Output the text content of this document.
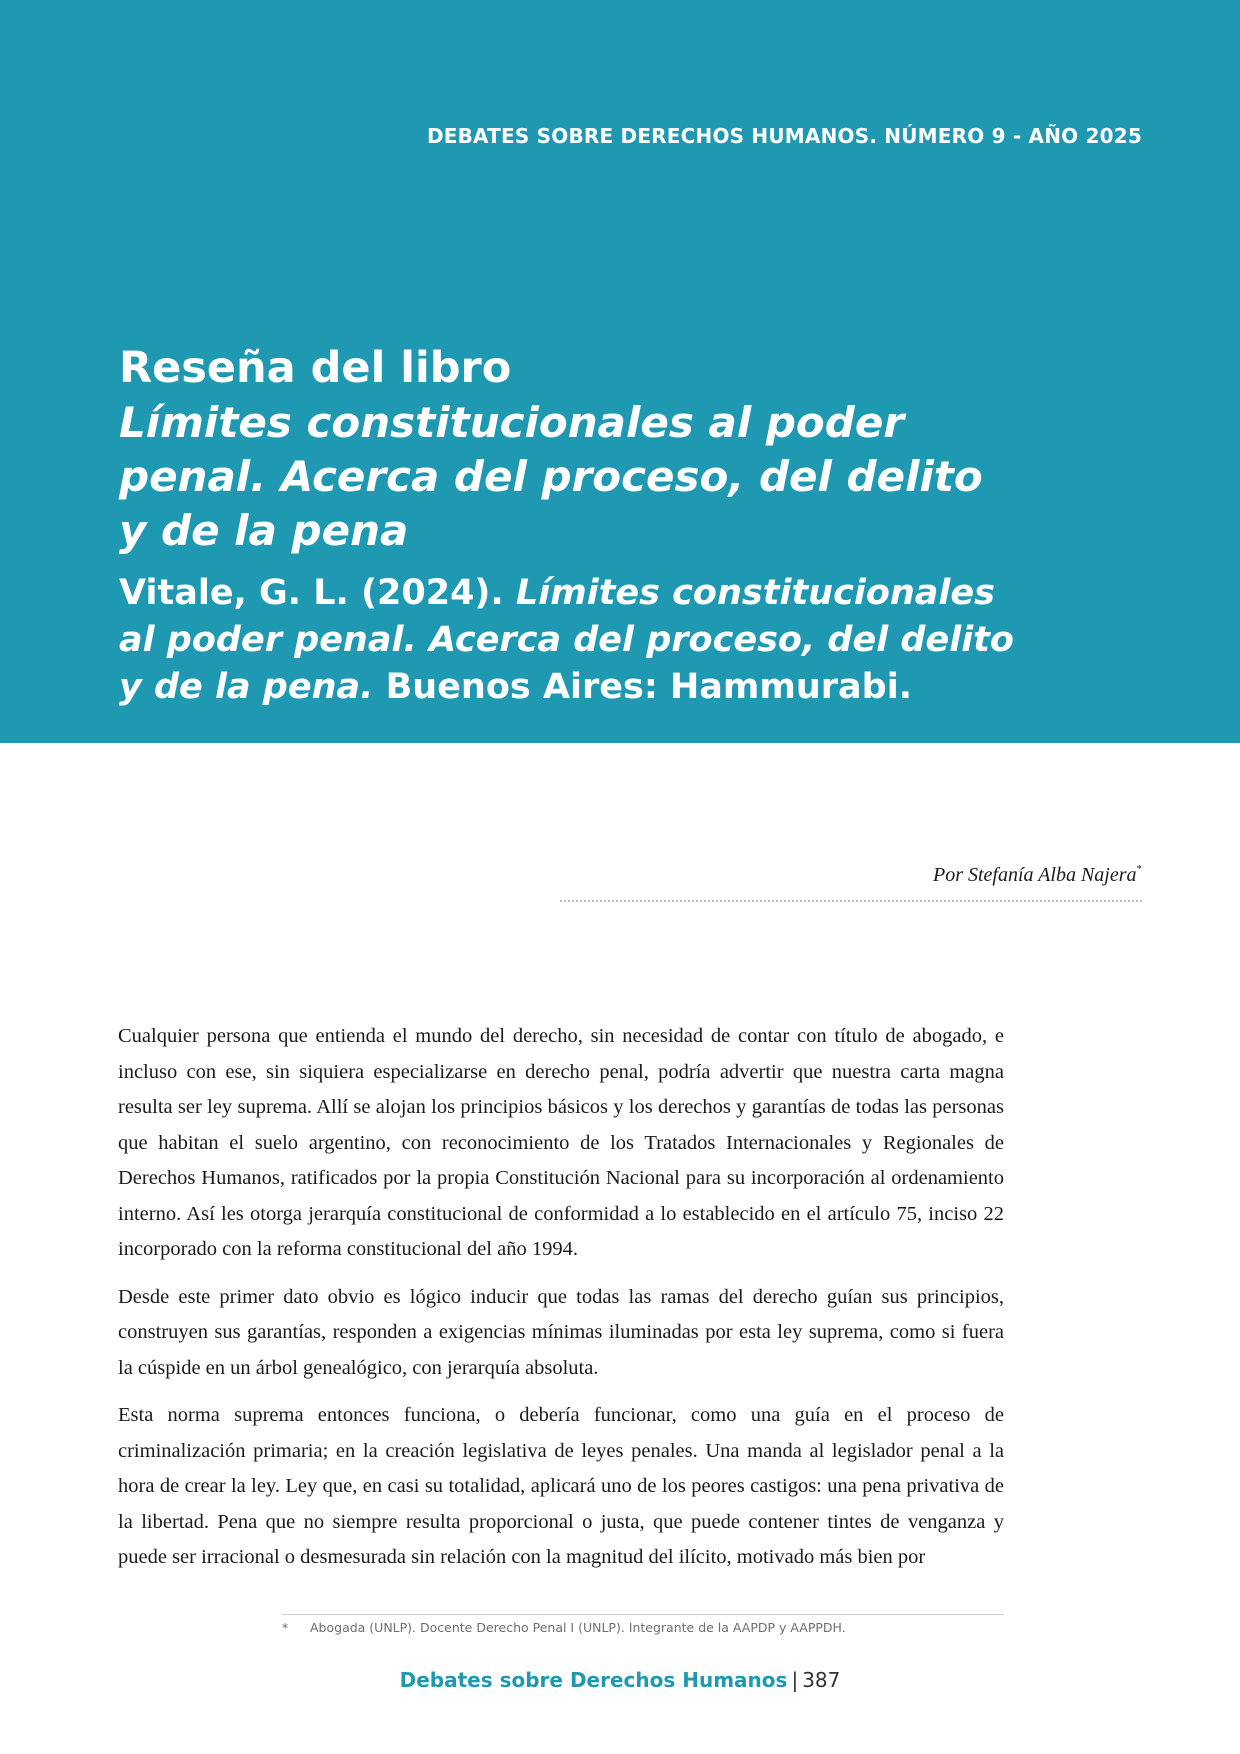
DEBATES SOBRE DERECHOS HUMANOS. NÚMERO 9 - AÑO 2025
Reseña del libro
Límites constitucionales al poder
penal. Acerca del proceso, del delito
y de la pena
Vitale, G. L. (2024). Límites constitucionales al poder penal. Acerca del proceso, del delito y de la pena. Buenos Aires: Hammurabi.
Por Stefanía Alba Najera*

Cualquier persona que entienda el mundo del derecho, sin necesidad de contar con título de abogado, e incluso con ese, sin siquiera especializarse en derecho penal, podría advertir que nuestra carta magna resulta ser ley suprema. Allí se alojan los principios básicos y los derechos y garantías de todas las personas que habitan el suelo argentino, con reconocimiento de los Tratados Internacionales y Regionales de Derechos Humanos, ratificados por la propia Constitución Nacional para su incorporación al ordenamiento interno. Así les otorga jerarquía constitucional de conformidad a lo establecido en el artículo 75, inciso 22 incorporado con la reforma constitucional del año 1994.

Desde este primer dato obvio es lógico inducir que todas las ramas del derecho guían sus principios, construyen sus garantías, responden a exigencias mínimas iluminadas por esta ley suprema, como si fuera la cúspide en un árbol genealógico, con jerarquía absoluta.

Esta norma suprema entonces funciona, o debería funcionar, como una guía en el proceso de criminalización primaria; en la creación legislativa de leyes penales. Una manda al legislador penal a la hora de crear la ley. Ley que, en casi su totalidad, aplicará uno de los peores castigos: una pena privativa de la libertad. Pena que no siempre resulta proporcional o justa, que puede contener tintes de venganza y puede ser irracional o desmesurada sin relación con la magnitud del ilícito, motivado más bien por

* Abogada (UNLP). Docente Derecho Penal I (UNLP). Integrante de la AAPDP y AAPPDH.
Debates sobre Derechos Humanos | 387
